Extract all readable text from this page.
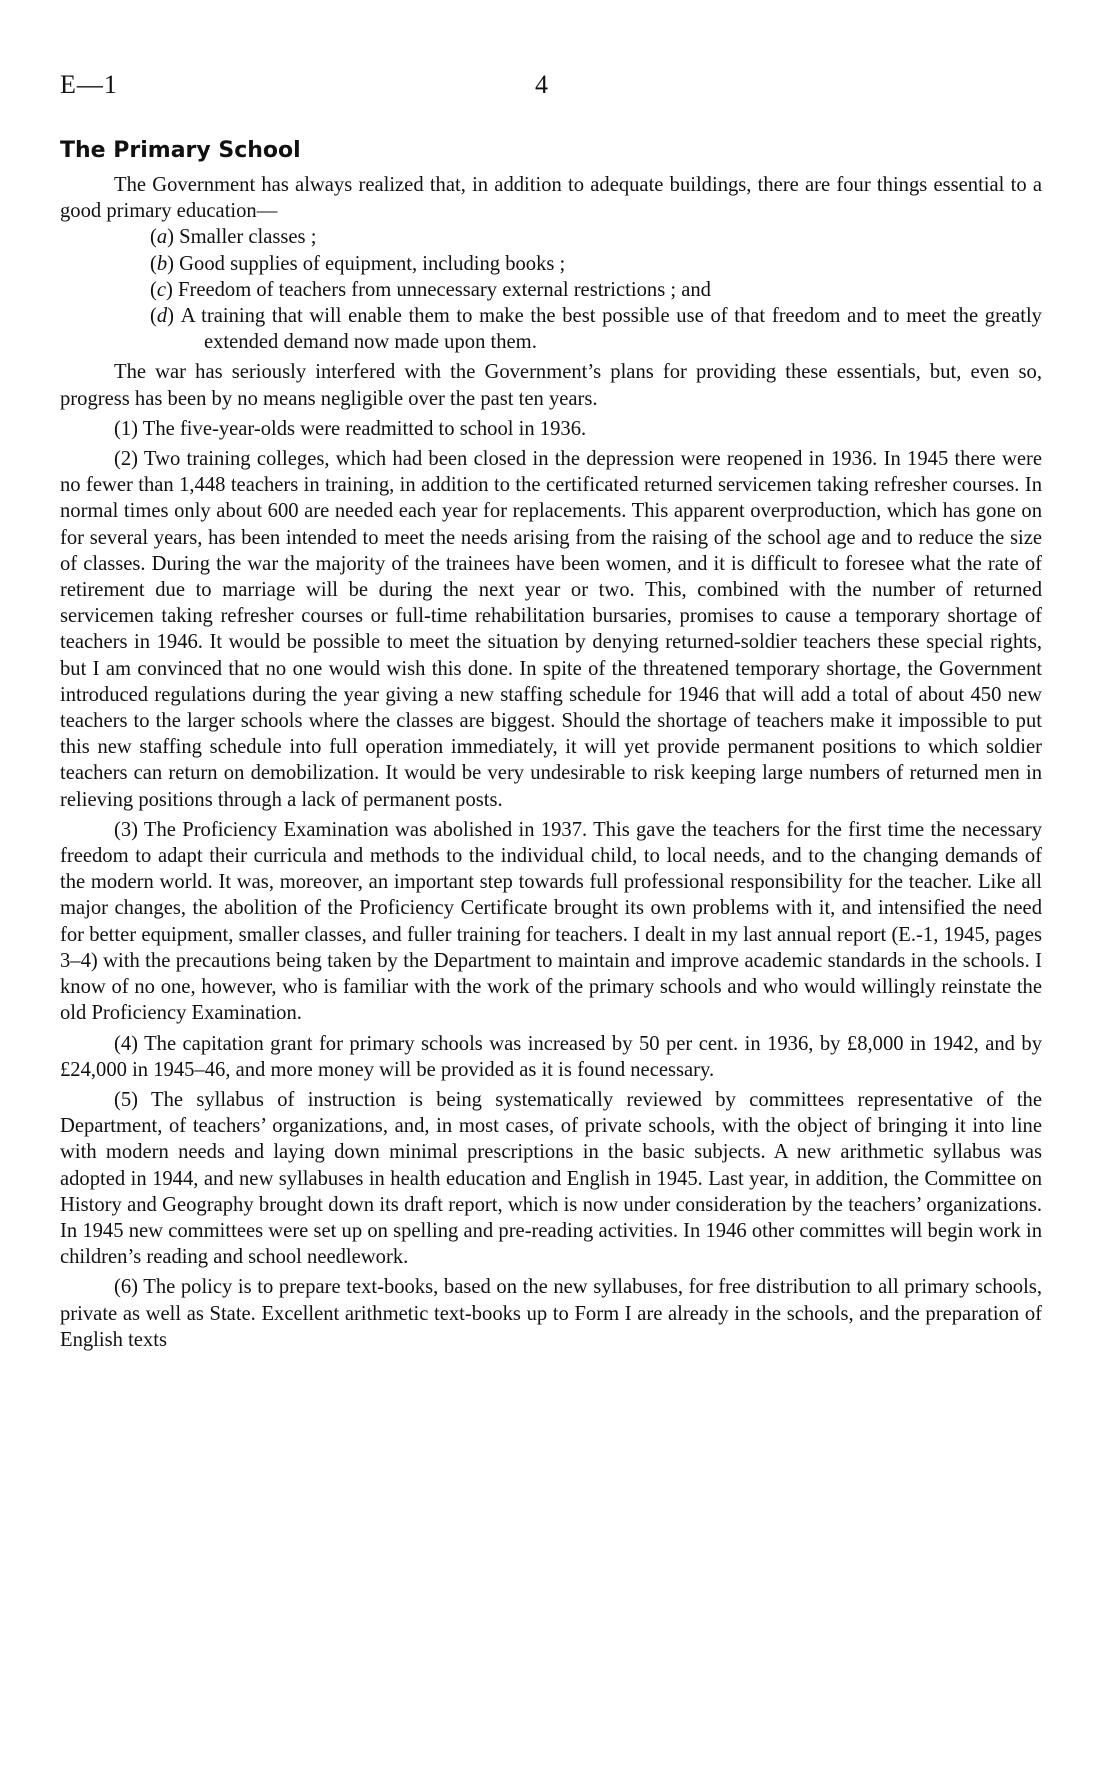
E—1	4
The Primary School

The Government has always realized that, in addition to adequate buildings, there are four things essential to a good primary education—

(a) Smaller classes ;
(b) Good supplies of equipment, including books ;
(c) Freedom of teachers from unnecessary external restrictions ; and
(d) A training that will enable them to make the best possible use of that freedom and to meet the greatly extended demand now made upon them.

The war has seriously interfered with the Government’s plans for providing these essentials, but, even so, progress has been by no means negligible over the past ten years.

(1) The five-year-olds were readmitted to school in 1936.

(2) Two training colleges, which had been closed in the depression were reopened in 1936. In 1945 there were no fewer than 1,448 teachers in training, in addition to the certificated returned servicemen taking refresher courses. In normal times only about 600 are needed each year for replacements. This apparent overproduction, which has gone on for several years, has been intended to meet the needs arising from the raising of the school age and to reduce the size of classes. During the war the majority of the trainees have been women, and it is difficult to foresee what the rate of retirement due to marriage will be during the next year or two. This, combined with the number of returned servicemen taking refresher courses or full-time rehabilitation bursaries, promises to cause a temporary shortage of teachers in 1946. It would be possible to meet the situation by denying returned-soldier teachers these special rights, but I am convinced that no one would wish this done. In spite of the threatened temporary shortage, the Government introduced regulations during the year giving a new staffing schedule for 1946 that will add a total of about 450 new teachers to the larger schools where the classes are biggest. Should the shortage of teachers make it impossible to put this new staffing schedule into full operation immediately, it will yet provide permanent positions to which soldier teachers can return on demobilization. It would be very undesirable to risk keeping large numbers of returned men in relieving positions through a lack of permanent posts.

(3) The Proficiency Examination was abolished in 1937. This gave the teachers for the first time the necessary freedom to adapt their curricula and methods to the individual child, to local needs, and to the changing demands of the modern world. It was, moreover, an important step towards full professional responsibility for the teacher. Like all major changes, the abolition of the Proficiency Certificate brought its own problems with it, and intensified the need for better equipment, smaller classes, and fuller training for teachers. I dealt in my last annual report (E.-1, 1945, pages 3–4) with the precautions being taken by the Department to maintain and improve academic standards in the schools. I know of no one, however, who is familiar with the work of the primary schools and who would willingly reinstate the old Proficiency Examination.

(4) The capitation grant for primary schools was increased by 50 per cent. in 1936, by £8,000 in 1942, and by £24,000 in 1945–46, and more money will be provided as it is found necessary.

(5) The syllabus of instruction is being systematically reviewed by committees representative of the Department, of teachers’ organizations, and, in most cases, of private schools, with the object of bringing it into line with modern needs and laying down minimal prescriptions in the basic subjects. A new arithmetic syllabus was adopted in 1944, and new syllabuses in health education and English in 1945. Last year, in addition, the Committee on History and Geography brought down its draft report, which is now under consideration by the teachers’ organizations. In 1945 new committees were set up on spelling and pre-reading activities. In 1946 other committes will begin work in children’s reading and school needlework.

(6) The policy is to prepare text-books, based on the new syllabuses, for free distribution to all primary schools, private as well as State. Excellent arithmetic text-books up to Form I are already in the schools, and the preparation of English texts
